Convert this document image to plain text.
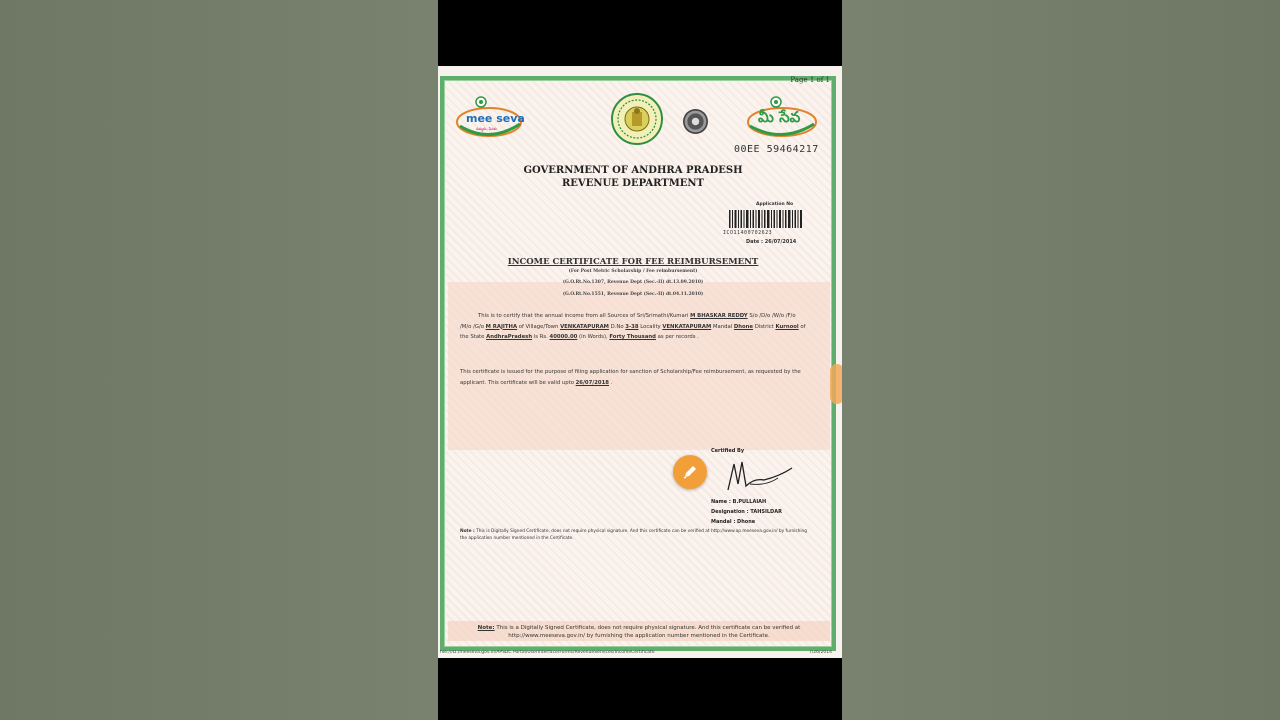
Page 1 of 1
mee seva
నమ్మకం, సేవకు
మీ సేవ
00EE 59464217
GOVERNMENT OF ANDHRA PRADESH
REVENUE DEPARTMENT
Application No
ICO11400702623
Date : 26/07/2014
INCOME CERTIFICATE FOR FEE REIMBURSEMENT
(For Post Metric Scholarship / Fee reimbursement)
(G.O.Rt.No.1307, Revenue Dept (Sec.-II) dt.13.09.2010)
(G.O.Rt.No.1551, Revenue Dept (Sec.-II) dt.04.11.2010)
This is to certify that the annual income from all Sources of Sri/Srimathi/Kumari M BHASKAR REDDY S/o /D/o /W/o /F/o /M/o /G/o M RAJITHA of Village/Town VENKATAPURAM D.No 3-38 Locality VENKATAPURAM Mandal Dhone District Kurnool of the State AndhraPradesh is Rs. 40000.00 (in Words), Forty Thousand as per records .
This certificate is issued for the purpose of filing application for sanction of Scholarship/Fee reimbursement, as requested by the applicant. This certificate will be valid upto 26/07/2018 .
Certified By
Name : B.PULLAIAH
Designation : TAHSILDAR
Mandal : Dhone
Note : This is Digitally Signed Certificate, does not require physical signature. And this certificate can be verified at http://www.ap.meeseva.gov.in/ by furnishing the application number mentioned in the Certificate.
Note: This is a Digitally Signed Certificate, does not require physical signature. And this certificate can be verified at http://www.meeseva.gov.in/ by furnishing the application number mentioned in the Certificate.
file:///D:/meeseva.gov.in/APSDC Portal/UserInterface/Forms/RevenueServices/IncomeCertificate	7/26/2014
